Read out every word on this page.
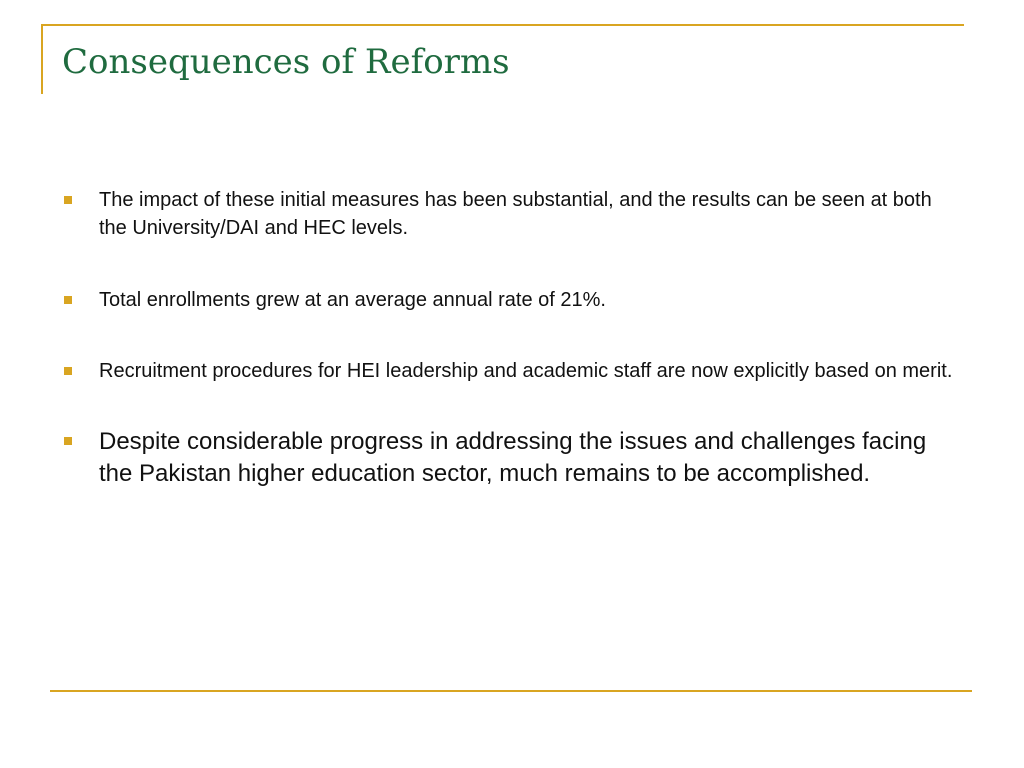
Consequences of Reforms
The impact of these initial measures has been substantial, and the results can be seen at both the University/DAI and HEC levels.
Total enrollments grew at an average annual rate of 21%.
Recruitment procedures for HEI leadership and academic staff are now explicitly based on merit.
Despite considerable progress in addressing the issues and challenges facing the Pakistan higher education sector, much remains to be accomplished.
